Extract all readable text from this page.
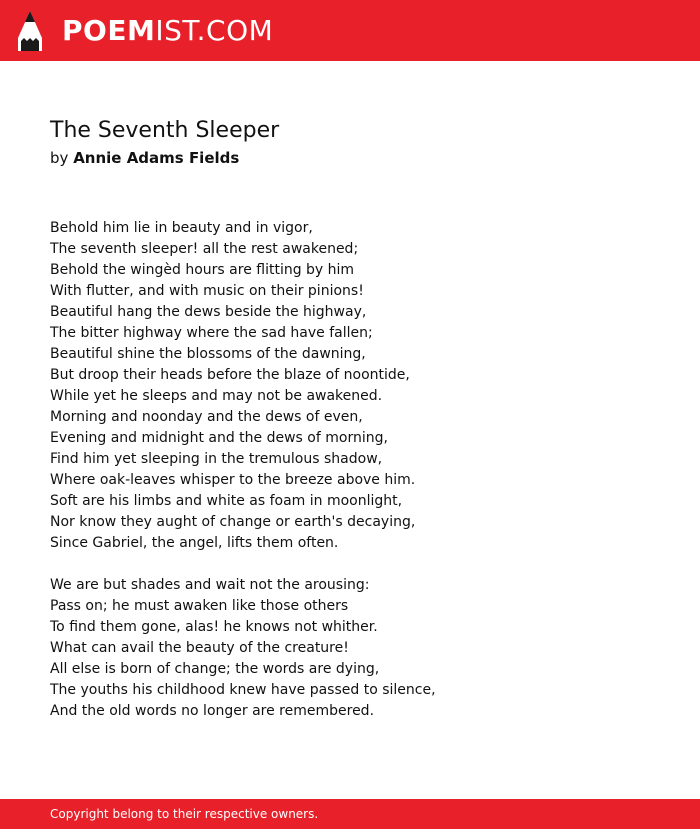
POEMIST.COM
The Seventh Sleeper
by Annie Adams Fields

Behold him lie in beauty and in vigor,
The seventh sleeper! all the rest awakened;
Behold the wingèd hours are flitting by him
With flutter, and with music on their pinions!
Beautiful hang the dews beside the highway,
The bitter highway where the sad have fallen;
Beautiful shine the blossoms of the dawning,
But droop their heads before the blaze of noontide,
While yet he sleeps and may not be awakened.
Morning and noonday and the dews of even,
Evening and midnight and the dews of morning,
Find him yet sleeping in the tremulous shadow,
Where oak-leaves whisper to the breeze above him.
Soft are his limbs and white as foam in moonlight,
Nor know they aught of change or earth's decaying,
Since Gabriel, the angel, lifts them often.

We are but shades and wait not the arousing:
Pass on; he must awaken like those others
To find them gone, alas! he knows not whither.
What can avail the beauty of the creature!
All else is born of change; the words are dying,
The youths his childhood knew have passed to silence,
And the old words no longer are remembered.

Copyright belong to their respective owners.
